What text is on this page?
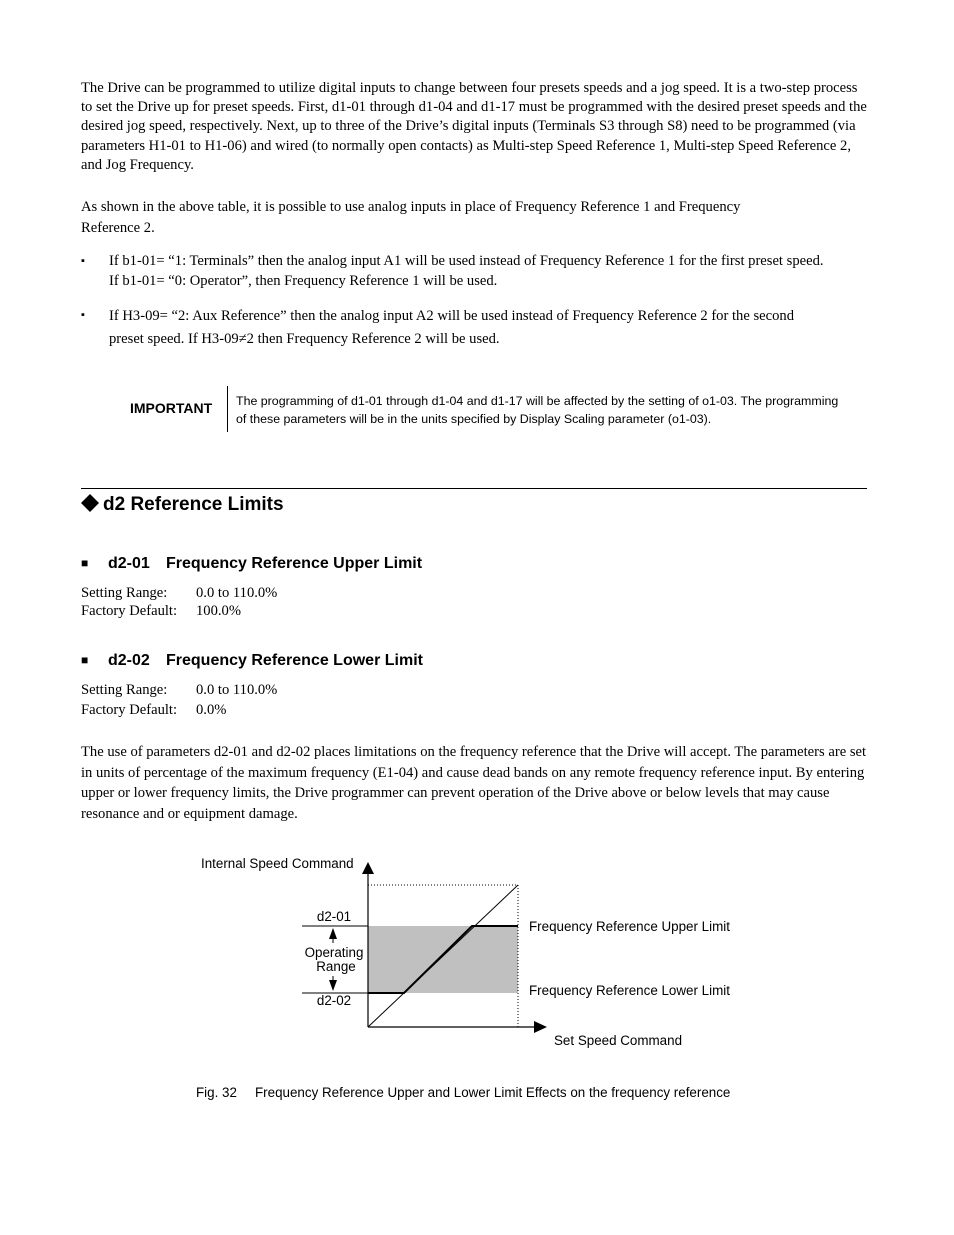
The Drive can be programmed to utilize digital inputs to change between four presets speeds and a jog speed. It is a two-step process to set the Drive up for preset speeds. First, d1-01 through d1-04 and d1-17 must be programmed with the desired preset speeds and the desired jog speed, respectively. Next, up to three of the Drive’s digital inputs (Terminals S3 through S8) need to be programmed (via parameters H1-01 to H1-06) and wired (to normally open contacts) as Multi-step Speed Reference 1, Multi-step Speed Reference 2, and Jog Frequency.
As shown in the above table, it is possible to use analog inputs in place of Frequency Reference 1 and Frequency Reference 2.
▪ If b1-01= “1: Terminals” then the analog input A1 will be used instead of Frequency Reference 1 for the first preset speed.
If b1-01= “0: Operator”, then Frequency Reference 1 will be used.
▪ If H3-09= “2: Aux Reference” then the analog input A2 will be used instead of Frequency Reference 2 for the second
preset speed. If H3-09≠2 then Frequency Reference 2 will be used.
IMPORTANT The programming of d1-01 through d1-04 and d1-17 will be affected by the setting of o1-03. The programming
of these parameters will be in the units specified by Display Scaling parameter (o1-03).
d2 Reference Limits
■ d2-01 Frequency Reference Upper Limit
Setting Range: 0.0 to 110.0%
Factory Default: 100.0%
■ d2-02 Frequency Reference Lower Limit
Setting Range: 0.0 to 110.0%
Factory Default: 0.0%
The use of parameters d2-01 and d2-02 places limitations on the frequency reference that the Drive will accept. The parameters are set in units of percentage of the maximum frequency (E1-04) and cause dead bands on any remote frequency reference input. By entering upper or lower frequency limits, the Drive programmer can prevent operation of the Drive above or below levels that may cause resonance and or equipment damage.
Internal Speed Command
d2-01
Operating
Range
d2-02
Frequency Reference Upper Limit
Frequency Reference Lower Limit
Set Speed Command
Fig. 32 Frequency Reference Upper and Lower Limit Effects on the frequency reference
